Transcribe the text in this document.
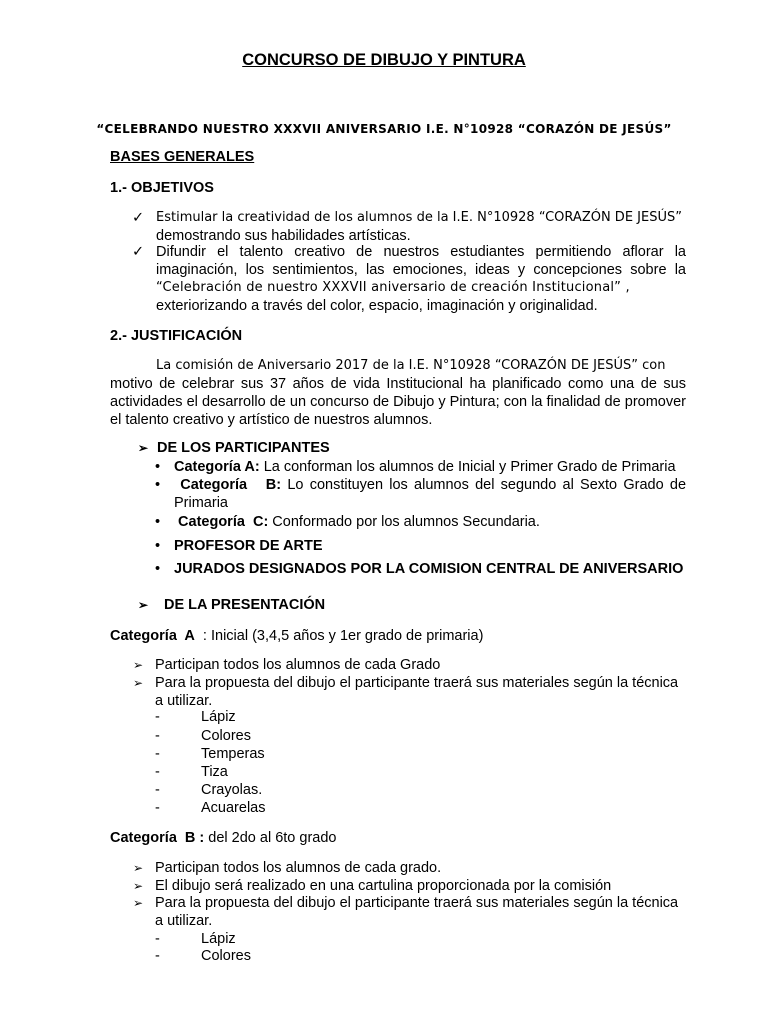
CONCURSO DE DIBUJO Y PINTURA
“CELEBRANDO NUESTRO XXXVII ANIVERSARIO I.E. N°10928 “CORAZÓN DE JESÚS”
BASES GENERALES
1.- OBJETIVOS
✓ Estimular la creatividad de los alumnos de la I.E. N°10928 “CORAZÓN DE JESÚS”
demostrando sus habilidades artísticas.
✓ Difundir el talento creativo de nuestros estudiantes permitiendo aflorar la imaginación, los sentimientos, las emociones, ideas y concepciones sobre la
“Celebración de nuestro XXXVII aniversario de creación Institucional” ,
exteriorizando a través del color, espacio, imaginación y originalidad.
2.- JUSTIFICACIÓN
La comisión de Aniversario 2017 de la I.E. N°10928 “CORAZÓN DE JESÚS” con
motivo de celebrar sus 37 años de vida Institucional ha planificado como una de sus actividades el desarrollo de un concurso de Dibujo y Pintura; con la finalidad de promover el talento creativo y artístico de nuestros alumnos.
➢ DE LOS PARTICIPANTES
• Categoría A: La conforman los alumnos de Inicial y Primer Grado de Primaria
• Categoría   B: Lo constituyen los alumnos del segundo al Sexto Grado de Primaria
• Categoría  C: Conformado por los alumnos Secundaria.
• PROFESOR DE ARTE
• JURADOS DESIGNADOS POR LA COMISION CENTRAL DE ANIVERSARIO
➢ DE LA PRESENTACIÓN
Categoría  A  : Inicial (3,4,5 años y 1er grado de primaria)
➢ Participan todos los alumnos de cada Grado
➢ Para la propuesta del dibujo el participante traerá sus materiales según la técnica a utilizar.
-	Lápiz
-	Colores
-	Temperas
-	Tiza
-	Crayolas.
-	Acuarelas
Categoría  B : del 2do al 6to grado
➢ Participan todos los alumnos de cada grado.
➢ El dibujo será realizado en una cartulina proporcionada por la comisión
➢ Para la propuesta del dibujo el participante traerá sus materiales según la técnica a utilizar.
-	Lápiz
-	Colores
